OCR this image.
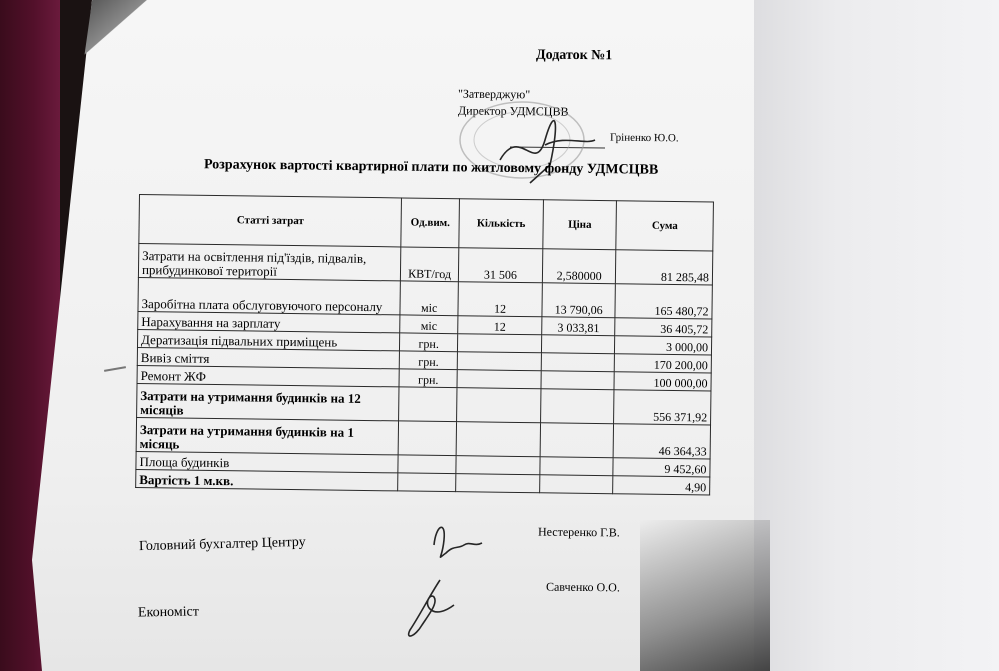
Додаток №1
"Затверджую"
Директор УДМСЦВВ
Гріненко Ю.О.
Розрахунок вартості квартирної плати по житловому фонду УДМСЦВВ
Статті затрат	Од.вим.	Кількість	Ціна	Сума
Затрати на освітлення під'їздів, підвалів, прибудинкової території	КВТ/год	31 506	2,580000	81 285,48
Заробітна плата обслуговуючого персоналу	міс	12	13 790,06	165 480,72
Нарахування на зарплату	міс	12	3 033,81	36 405,72
Дератизація підвальних приміщень	грн.			3 000,00
Вивіз сміття	грн.			170 200,00
Ремонт ЖФ	грн.			100 000,00
Затрати на утримання будинків на 12 місяців				556 371,92
Затрати на утримання будинків на 1 місяць				46 364,33
Площа будинків				9 452,60
Вартість 1 м.кв.				4,90
Головний бухгалтер Центру
Нестеренко Г.В.
Економіст
Савченко О.О.
